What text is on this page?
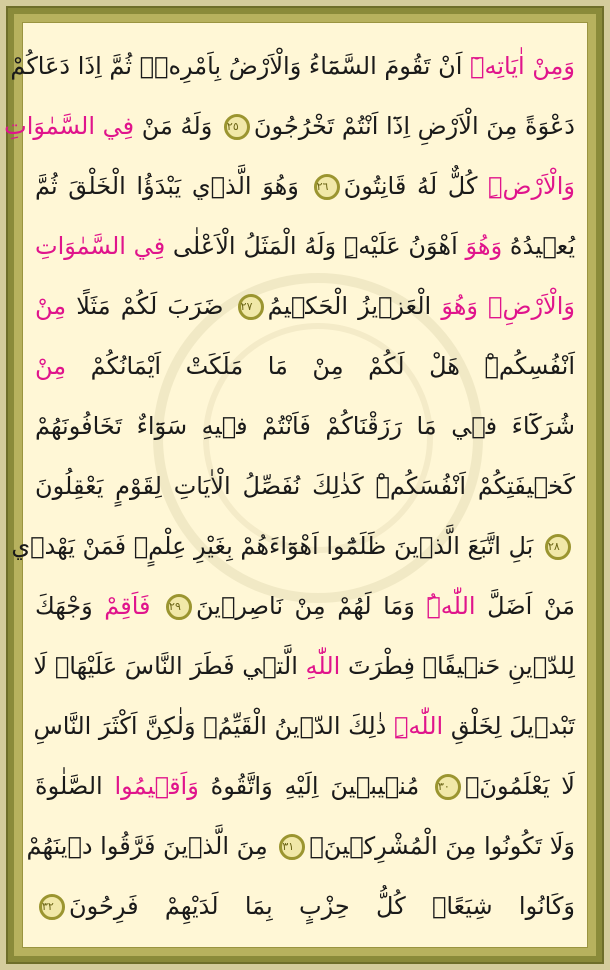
وَمِنْ اٰيَاتِه۪ٓ اَنْ تَقُومَ السَّمَٓاءُ وَالْاَرْضُ بِاَمْرِه۪ۜ ثُمَّ اِذَا دَعَاكُمْ
دَعْوَةً مِنَ الْاَرْضِ اِذَٓا اَنْتُمْ تَخْرُجُونَ٢٥ وَلَهُ مَنْ فِي السَّمٰوَاتِ
وَالْاَرْضِۜ كُلٌّ لَهُ قَانِتُونَ٢٦ وَهُوَ الَّذ۪ي يَبْدَؤُا الْخَلْقَ ثُمَّ
يُع۪يدُهُ وَهُوَ اَهْوَنُ عَلَيْهِۜ وَلَهُ الْمَثَلُ الْاَعْلٰى فِي السَّمٰوَاتِ
وَالْاَرْضِۚ وَهُوَ الْعَز۪يزُ الْحَك۪يمُ٢٧ ضَرَبَ لَكُمْ مَثَلًا مِنْ
اَنْفُسِكُمْۜ هَلْ لَكُمْ مِنْ مَا مَلَكَتْ اَيْمَانُكُمْ مِنْ
شُرَكَٓاءَ ف۪ي مَا رَزَقْنَاكُمْ فَاَنْتُمْ ف۪يهِ سَوَٓاءٌ تَخَافُونَهُمْ
كَخ۪يفَتِكُمْ اَنْفُسَكُمْۜ كَذٰلِكَ نُفَصِّلُ الْاٰيَاتِ لِقَوْمٍ يَعْقِلُونَ
٢٨ بَلِ اتَّبَعَ الَّذ۪ينَ ظَلَمُٓوا اَهْوَٓاءَهُمْ بِغَيْرِ عِلْمٍۚ فَمَنْ يَهْد۪ي
مَنْ اَضَلَّ اللّٰهُۜ وَمَا لَهُمْ مِنْ نَاصِر۪ينَ٢٩ فَاَقِمْ وَجْهَكَ
لِلدّ۪ينِ حَن۪يفًاۜ فِطْرَتَ اللّٰهِ الَّت۪ي فَطَرَ النَّاسَ عَلَيْهَاۜ لَا
تَبْد۪يلَ لِخَلْقِ اللّٰهِۜ ذٰلِكَ الدّ۪ينُ الْقَيِّمُۙ وَلٰكِنَّ اَكْثَرَ النَّاسِ
لَا يَعْلَمُونَۙ٣٠ مُن۪يب۪ينَ اِلَيْهِ وَاتَّقُوهُ وَاَق۪يمُوا الصَّلٰوةَ
وَلَا تَكُونُوا مِنَ الْمُشْرِك۪ينَۙ٣١ مِنَ الَّذ۪ينَ فَرَّقُوا د۪ينَهُمْ
وَكَانُوا شِيَعًاۜ كُلُّ حِزْبٍ بِمَا لَدَيْهِمْ فَرِحُونَ٣٢
